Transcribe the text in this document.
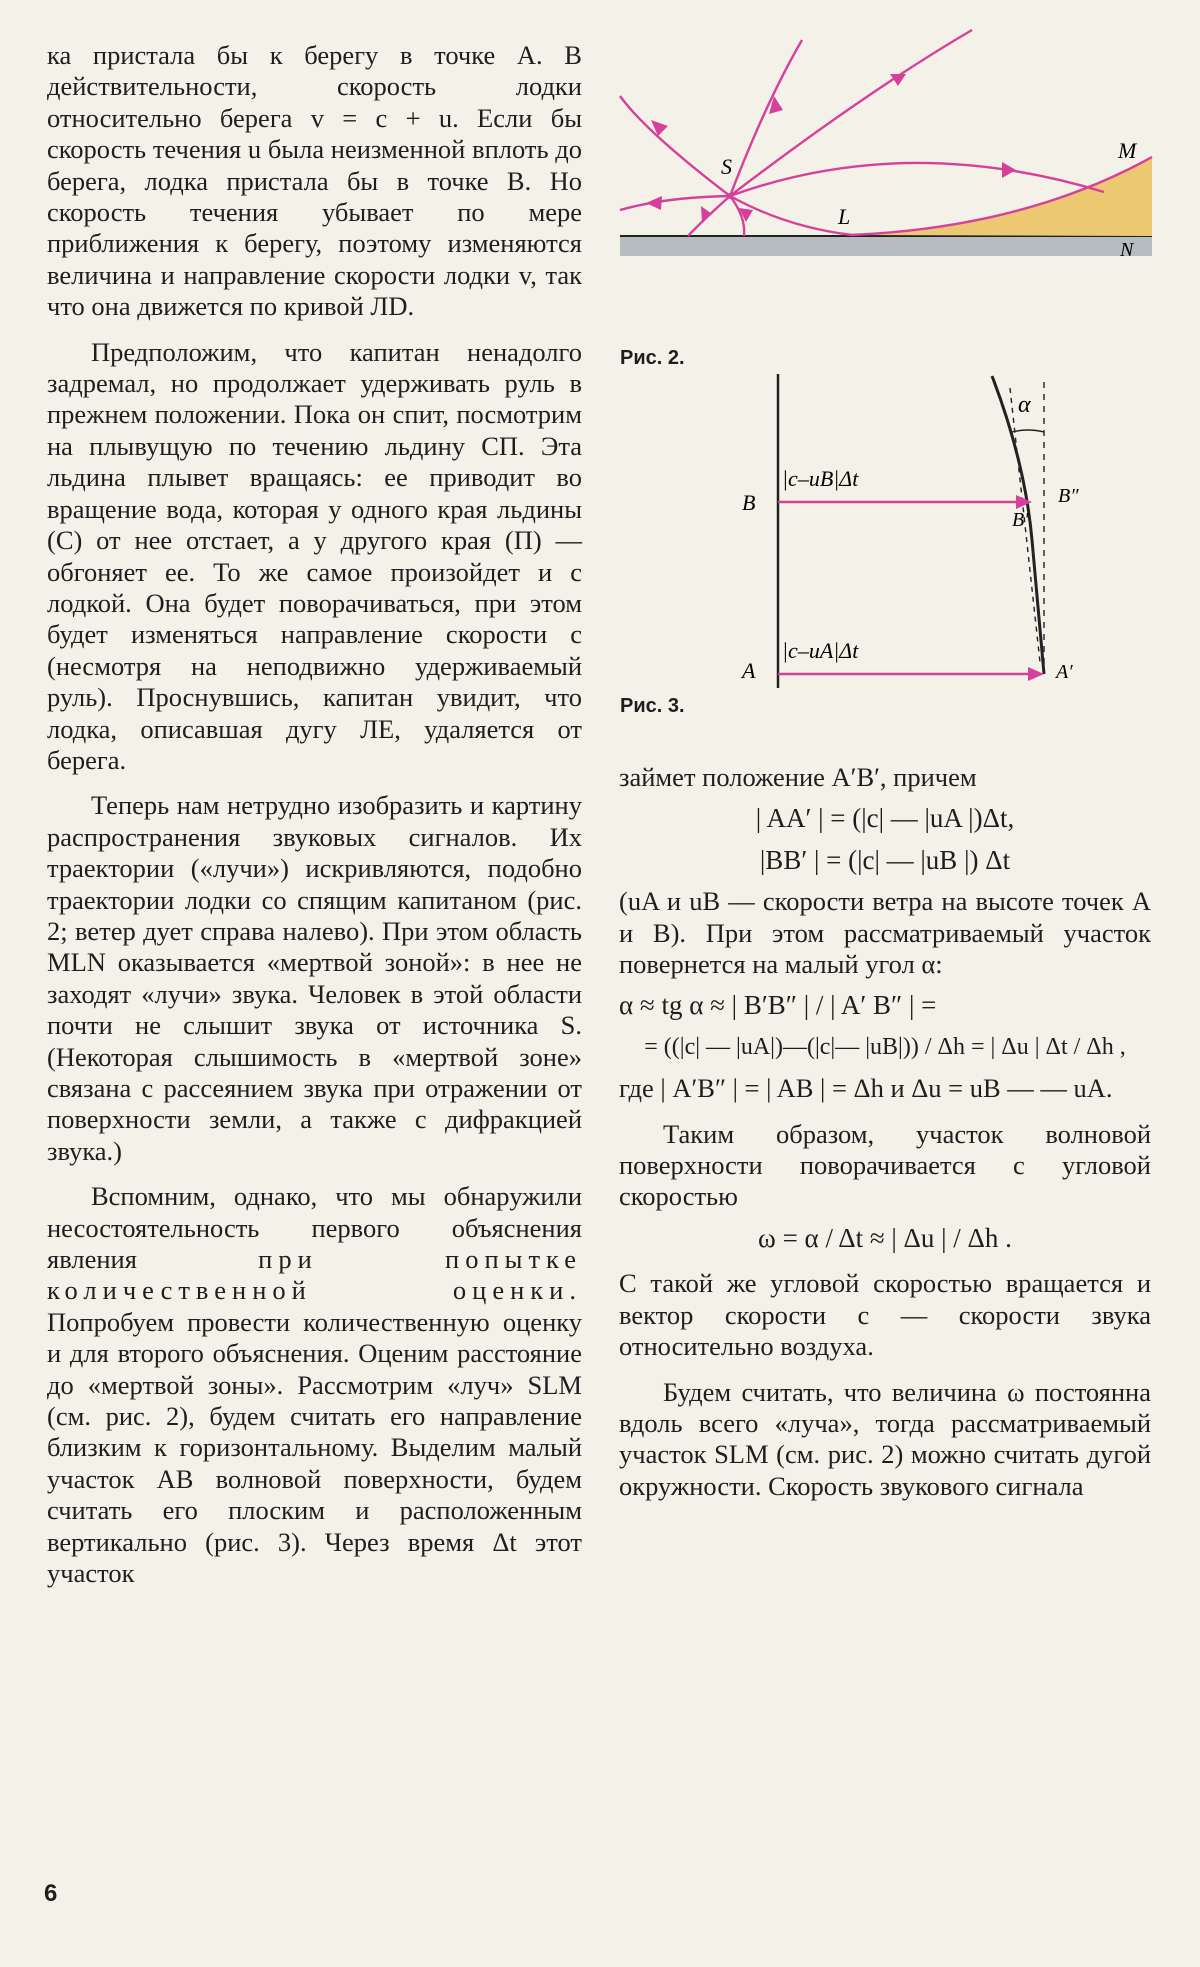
ка пристала бы к берегу в точке A. В действительности, скорость лодки относительно берега v = c + u. Если бы скорость течения u была неизменной вплоть до берега, лодка пристала бы в точке B. Но скорость течения убывает по мере приближения к берегу, поэтому изменяются величина и направление скорости лодки v, так что она движется по кривой ЛD.

Предположим, что капитан ненадолго задремал, но продолжает удерживать руль в прежнем положении. Пока он спит, посмотрим на плывущую по течению льдину СП. Эта льдина плывет вращаясь: ее приводит во вращение вода, которая у одного края льдины (С) от нее отстает, а у другого края (П) — обгоняет ее. То же самое произойдет и с лодкой. Она будет поворачиваться, при этом будет изменяться направление скорости c (несмотря на неподвижно удерживаемый руль). Проснувшись, капитан увидит, что лодка, описавшая дугу ЛЕ, удаляется от берега.

Теперь нам нетрудно изобразить и картину распространения звуковых сигналов. Их траектории («лучи») искривляются, подобно траектории лодки со спящим капитаном (рис. 2; ветер дует справа налево). При этом область MLN оказывается «мертвой зоной»: в нее не заходят «лучи» звука. Человек в этой области почти не слышит звука от источника S. (Некоторая слышимость в «мертвой зоне» связана с рассеянием звука при отражении от поверхности земли, а также с дифракцией звука.)

Вспомним, однако, что мы обнаружили несостоятельность первого объяснения явления	при попытке количественной оценки. Попробуем провести количественную оценку и для второго объяснения. Оценим расстояние до «мертвой зоны». Рассмотрим «луч» SLM (см. рис. 2), будем считать его направление близким к горизонтальному. Выделим малый участок AB волновой поверхности, будем считать его плоским и расположенным вертикально (рис. 3). Через время Δt этот участок

S
L
M
N
Рис. 2.
α
B
A
B′
B″
A′
|c–uB|Δt
|c–uA|Δt
Рис. 3.

займет положение A′B′, причем

| AA′ | = (|c| — |uA |)Δt,
|BB′ | = (|c| — |uB |) Δt

(uA и uB — скорости ветра на высоте точек A и B). При этом рассматриваемый участок повернется на малый угол α:

α ≈ tg α ≈ | B′B″ | / | A′ B″ | =
= ((|c| — |uA|)—(|c|— |uB|)) / Δh = | Δu | Δt / Δh ,

где | A′B″ | = | AB | = Δh и Δu = uB — — uA.

Таким образом, участок волновой поверхности поворачивается с угловой скоростью

ω = α / Δt ≈ | Δu | / Δh .

С такой же угловой скоростью вращается и вектор скорости c — скорости звука относительно воздуха.

Будем считать, что величина ω постоянна вдоль всего «луча», тогда рассматриваемый участок SLM (см. рис. 2) можно считать дугой окружности. Скорость звукового сигнала

6
